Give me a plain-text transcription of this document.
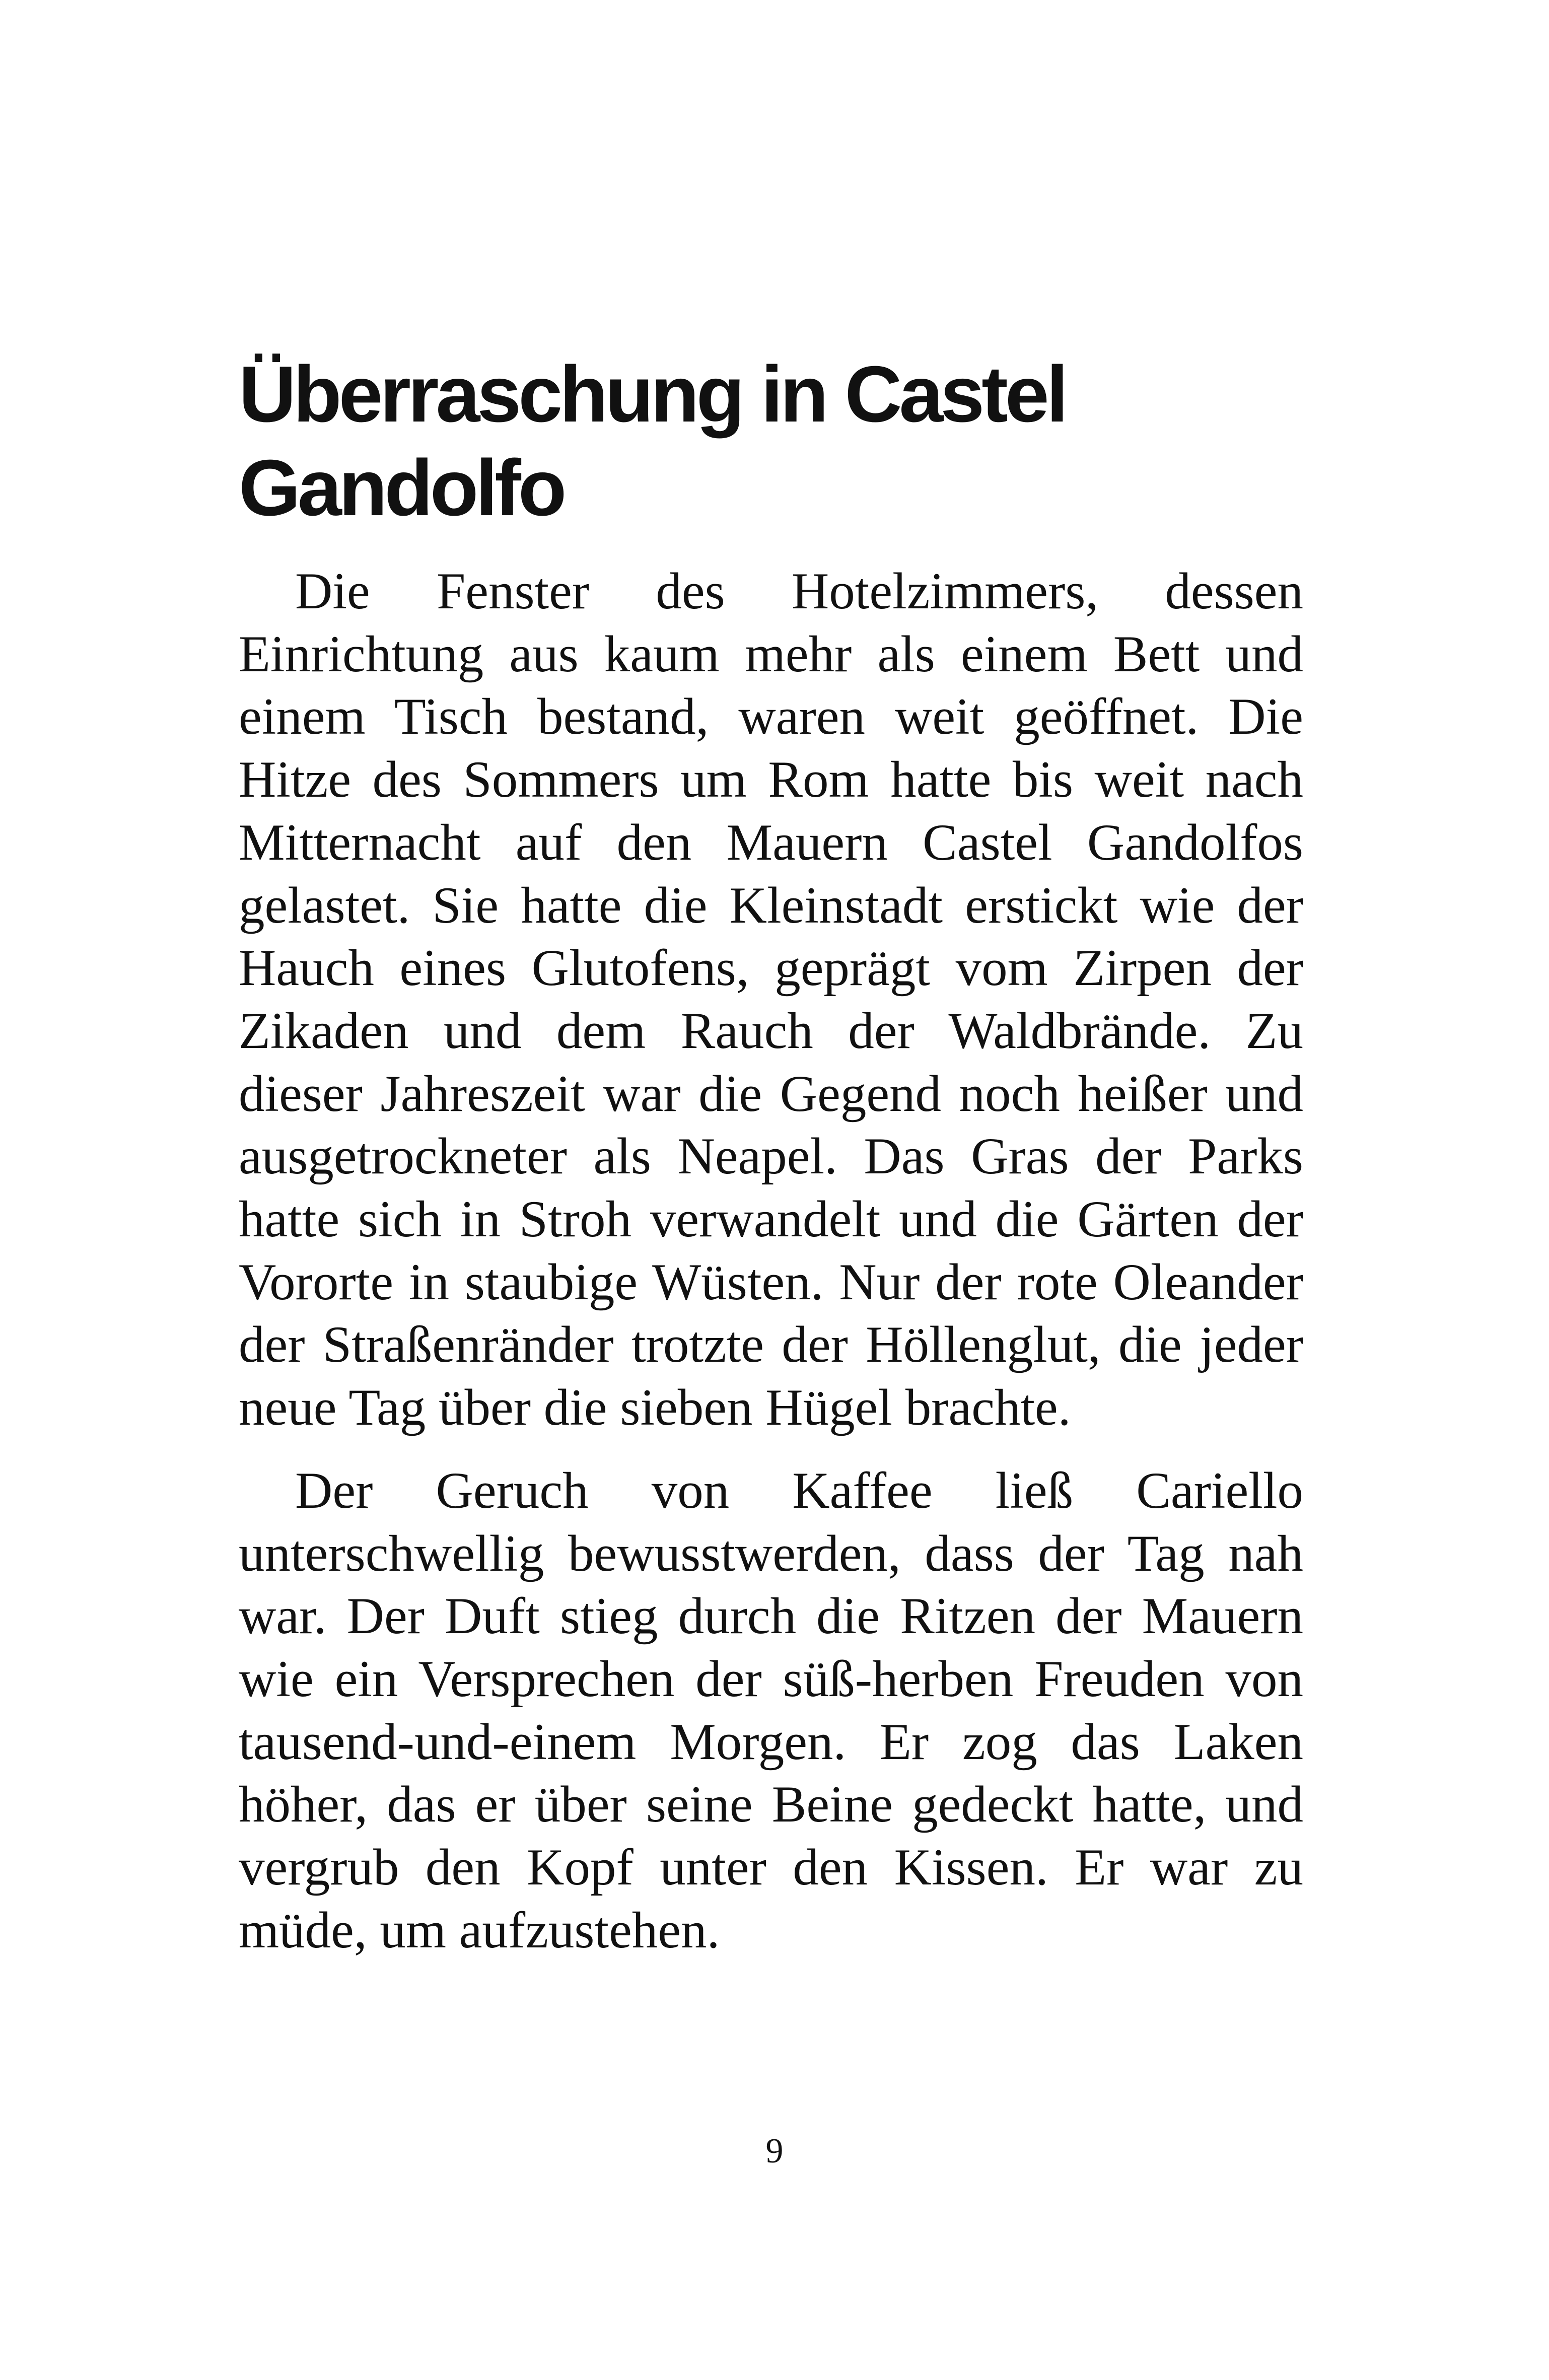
Überraschung in Castel Gandolfo

Die Fenster des Hotelzimmers, dessen Einrichtung aus kaum mehr als einem Bett und einem Tisch bestand, waren weit geöffnet. Die Hitze des Sommers um Rom hatte bis weit nach Mitternacht auf den Mauern Castel Gandolfos gelastet. Sie hatte die Kleinstadt erstickt wie der Hauch eines Glutofens, geprägt vom Zirpen der Zikaden und dem Rauch der Waldbrände. Zu dieser Jahreszeit war die Gegend noch heißer und ausgetrockneter als Neapel. Das Gras der Parks hatte sich in Stroh verwandelt und die Gärten der Vororte in staubige Wüsten. Nur der rote Oleander der Straßenränder trotzte der Höllenglut, die jeder neue Tag über die sieben Hügel brachte.

Der Geruch von Kaffee ließ Cariello unterschwellig bewusstwerden, dass der Tag nah war. Der Duft stieg durch die Ritzen der Mauern wie ein Versprechen der süß-herben Freuden von tausend-und-einem Morgen. Er zog das Laken höher, das er über seine Beine gedeckt hatte, und vergrub den Kopf unter den Kissen. Er war zu müde, um aufzustehen.

9
